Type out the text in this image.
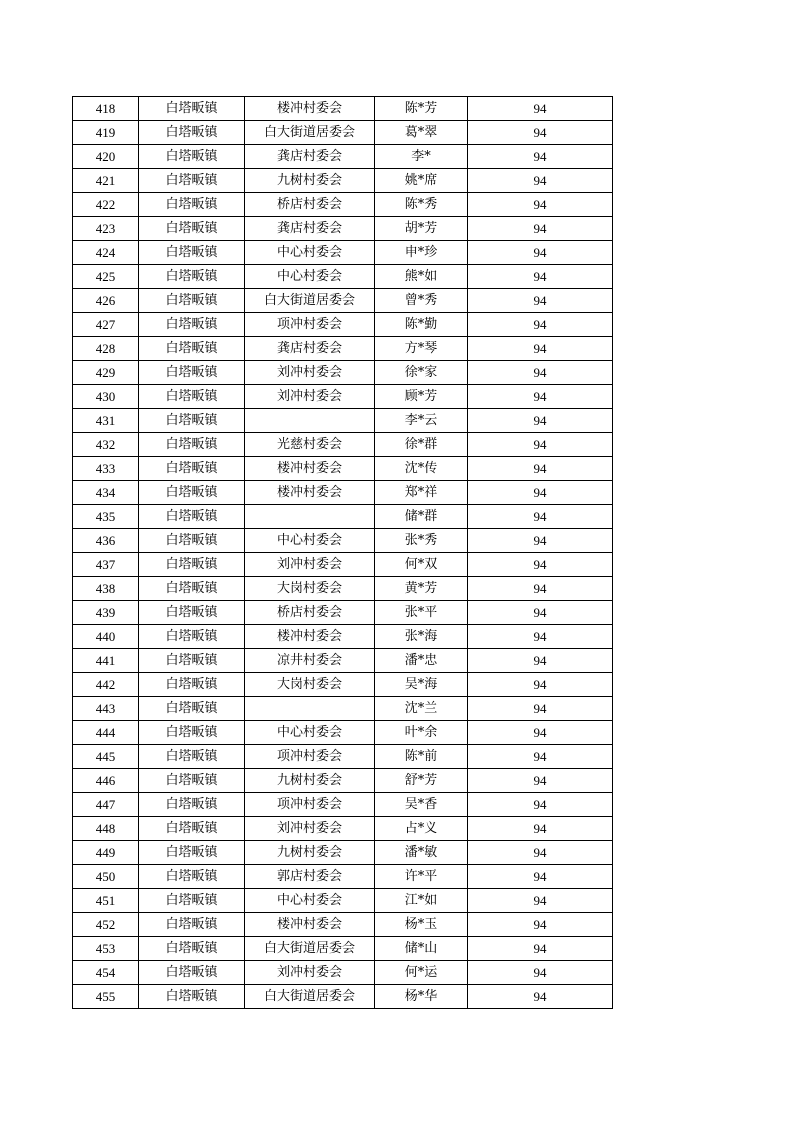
418	白塔畈镇	楼冲村委会	陈*芳	94
419	白塔畈镇	白大街道居委会	葛*翠	94
420	白塔畈镇	龚店村委会	李*	94
421	白塔畈镇	九树村委会	姚*席	94
422	白塔畈镇	桥店村委会	陈*秀	94
423	白塔畈镇	龚店村委会	胡*芳	94
424	白塔畈镇	中心村委会	申*珍	94
425	白塔畈镇	中心村委会	熊*如	94
426	白塔畈镇	白大街道居委会	曾*秀	94
427	白塔畈镇	项冲村委会	陈*勤	94
428	白塔畈镇	龚店村委会	方*琴	94
429	白塔畈镇	刘冲村委会	徐*家	94
430	白塔畈镇	刘冲村委会	顾*芳	94
431	白塔畈镇		李*云	94
432	白塔畈镇	光慈村委会	徐*群	94
433	白塔畈镇	楼冲村委会	沈*传	94
434	白塔畈镇	楼冲村委会	郑*祥	94
435	白塔畈镇		储*群	94
436	白塔畈镇	中心村委会	张*秀	94
437	白塔畈镇	刘冲村委会	何*双	94
438	白塔畈镇	大岗村委会	黄*芳	94
439	白塔畈镇	桥店村委会	张*平	94
440	白塔畈镇	楼冲村委会	张*海	94
441	白塔畈镇	凉井村委会	潘*忠	94
442	白塔畈镇	大岗村委会	吴*海	94
443	白塔畈镇		沈*兰	94
444	白塔畈镇	中心村委会	叶*余	94
445	白塔畈镇	项冲村委会	陈*前	94
446	白塔畈镇	九树村委会	舒*芳	94
447	白塔畈镇	项冲村委会	吴*香	94
448	白塔畈镇	刘冲村委会	占*义	94
449	白塔畈镇	九树村委会	潘*敏	94
450	白塔畈镇	郭店村委会	许*平	94
451	白塔畈镇	中心村委会	江*如	94
452	白塔畈镇	楼冲村委会	杨*玉	94
453	白塔畈镇	白大街道居委会	储*山	94
454	白塔畈镇	刘冲村委会	何*运	94
455	白塔畈镇	白大街道居委会	杨*华	94
